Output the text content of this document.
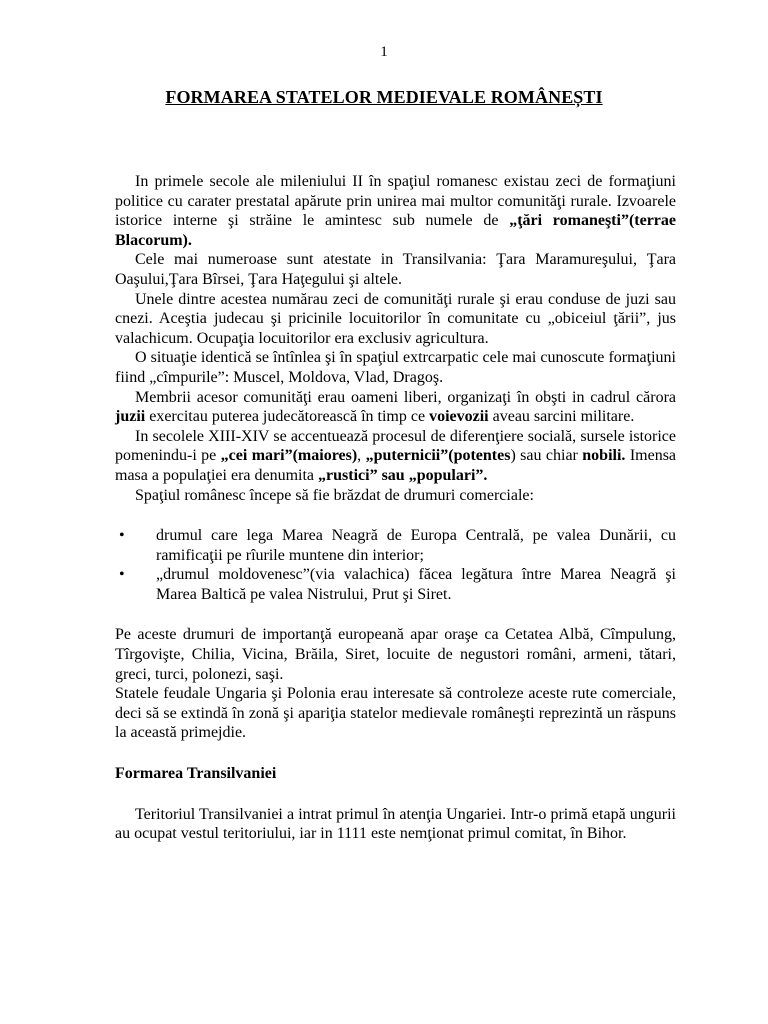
1
FORMAREA STATELOR MEDIEVALE ROMÂNEȘTI

In primele secole ale mileniului II în spaţiul romanesc existau zeci de formaţiuni politice cu carater prestatal apărute prin unirea mai multor comunităţi rurale. Izvoarele istorice interne şi străine le amintesc sub numele de „ţări romaneşti”(terrae Blacorum).

Cele mai numeroase sunt atestate in Transilvania: Ţara Maramureşului, Ţara Oaşului,Ţara Bîrsei, Ţara Haţegului şi altele.

Unele dintre acestea numărau zeci de comunităţi rurale şi erau conduse de juzi sau cnezi. Aceştia judecau şi pricinile locuitorilor în comunitate cu „obiceiul ţării”, jus valachicum. Ocupaţia locuitorilor era exclusiv agricultura.

O situaţie identică se întînlea şi în spaţiul extrcarpatic cele mai cunoscute formaţiuni fiind „cîmpurile”: Muscel, Moldova, Vlad, Dragoş.

Membrii acesor comunităţi erau oameni liberi, organizaţi în obşti in cadrul cărora juzii exercitau puterea judecătorească în timp ce voievozii aveau sarcini militare.

In secolele XIII-XIV se accentuează procesul de diferenţiere socială, sursele istorice pomenindu-i pe „cei mari”(maiores), „puternicii”(potentes) sau chiar nobili. Imensa masa a populaţiei era denumita „rustici” sau „populari”.

Spaţiul românesc începe să fie brăzdat de drumuri comerciale:

• drumul care lega Marea Neagră de Europa Centrală, pe valea Dunării, cu ramificaţii pe rîurile muntene din interior;
• „drumul moldovenesc”(via valachica) făcea legătura între Marea Neagră şi Marea Baltică pe valea Nistrului, Prut şi Siret.

Pe aceste drumuri de importanţă europeană apar oraşe ca Cetatea Albă, Cîmpulung, Tîrgovişte, Chilia, Vicina, Brăila, Siret, locuite de negustori români, armeni, tătari, greci, turci, polonezi, saşi.

Statele feudale Ungaria şi Polonia erau interesate să controleze aceste rute comerciale, deci să se extindă în zonă şi apariţia statelor medievale româneşti reprezintă un răspuns la această primejdie.

Formarea Transilvaniei

Teritoriul Transilvaniei a intrat primul în atenţia Ungariei. Intr-o primă etapă ungurii au ocupat vestul teritoriului, iar in 1111 este nemţionat primul comitat, în Bihor.
